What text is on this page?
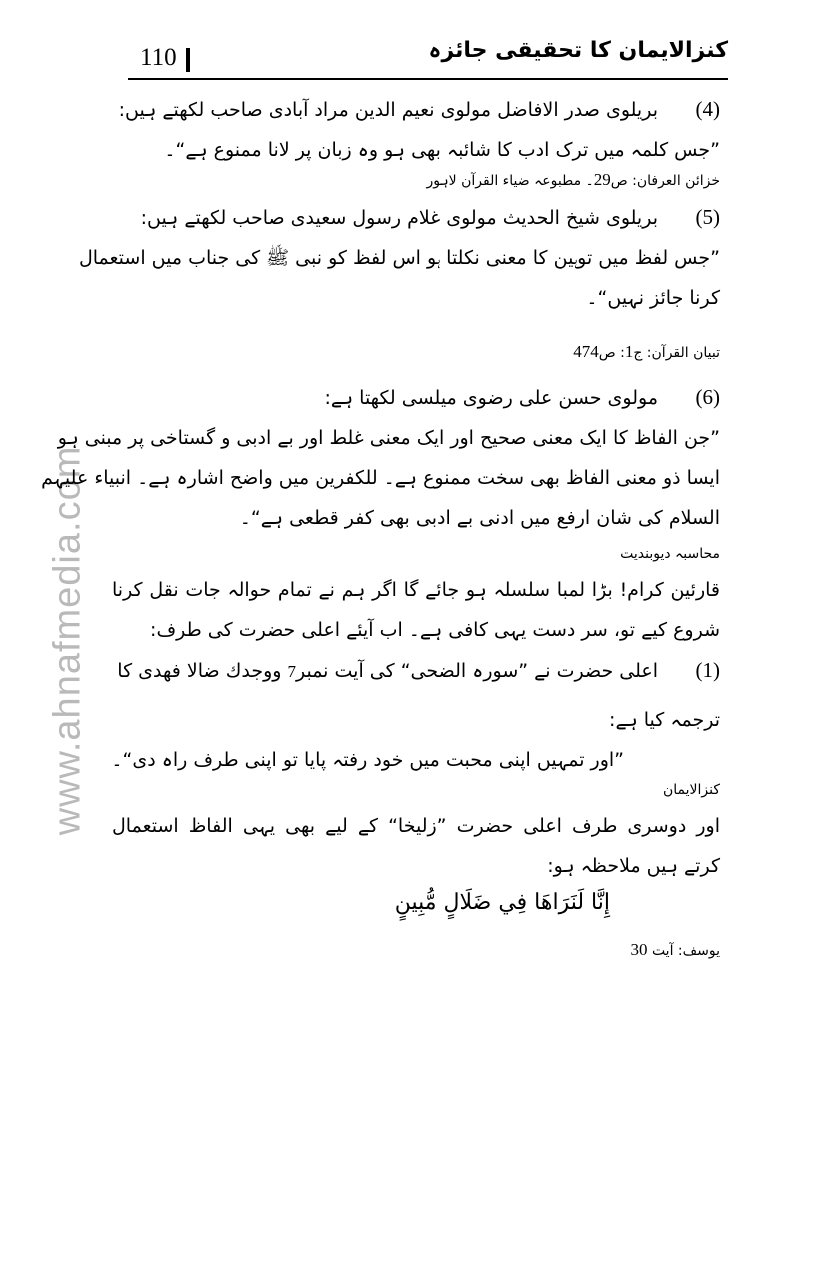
www.ahnafmedia.com
110	کنزالایمان کا تحقیقی جائزہ
(4)بریلوی صدر الافاضل مولوی نعیم الدین مراد آبادی صاحب لکھتے ہیں:
”جس کلمہ میں ترک ادب کا شائبہ بھی ہو وہ زبان پر لانا ممنوع ہے“۔
خزائن العرفان: ص29۔ مطبوعہ ضیاء القرآن لاہور
(5)بریلوی شیخ الحدیث مولوی غلام رسول سعیدی صاحب لکھتے ہیں:
”جس لفظ میں توہین کا معنی نکلتا ہو اس لفظ کو نبی ﷺ کی جناب میں استعمال
کرنا جائز نہیں“۔
تبیان القرآن: ج1: ص474
(6)مولوی حسن علی رضوی میلسی لکھتا ہے:
”جن الفاظ کا ایک معنی صحیح اور ایک معنی غلط اور بے ادبی و گستاخی پر مبنی ہو
ایسا ذو معنی الفاظ بھی سخت ممنوع ہے۔ للکفرین میں واضح اشارہ ہے۔ انبیاء علیہم
السلام کی شان ارفع میں ادنی بے ادبی بھی کفر قطعی ہے“۔
محاسبہ دیوبندیت
قارئین کرام! بڑا لمبا سلسلہ ہو جائے گا اگر ہم نے تمام حوالہ جات نقل کرنا
شروع کیے تو، سر دست یہی کافی ہے۔ اب آیئے اعلی حضرت کی طرف:
(1)اعلی حضرت نے ”سورہ الضحی“ کی آیت نمبر7 ووجدك ضالا فهدى کا
ترجمہ کیا ہے:
”اور تمہیں اپنی محبت میں خود رفتہ پایا تو اپنی طرف راہ دی“۔
کنزالایمان
اور دوسری طرف اعلی حضرت ”زلیخا“ کے لیے بھی یہی الفاظ استعمال
کرتے ہیں ملاحظہ ہو:
إِنَّا لَنَرَاهَا فِي ضَلَالٍ مُّبِينٍ
یوسف: آیت 30
